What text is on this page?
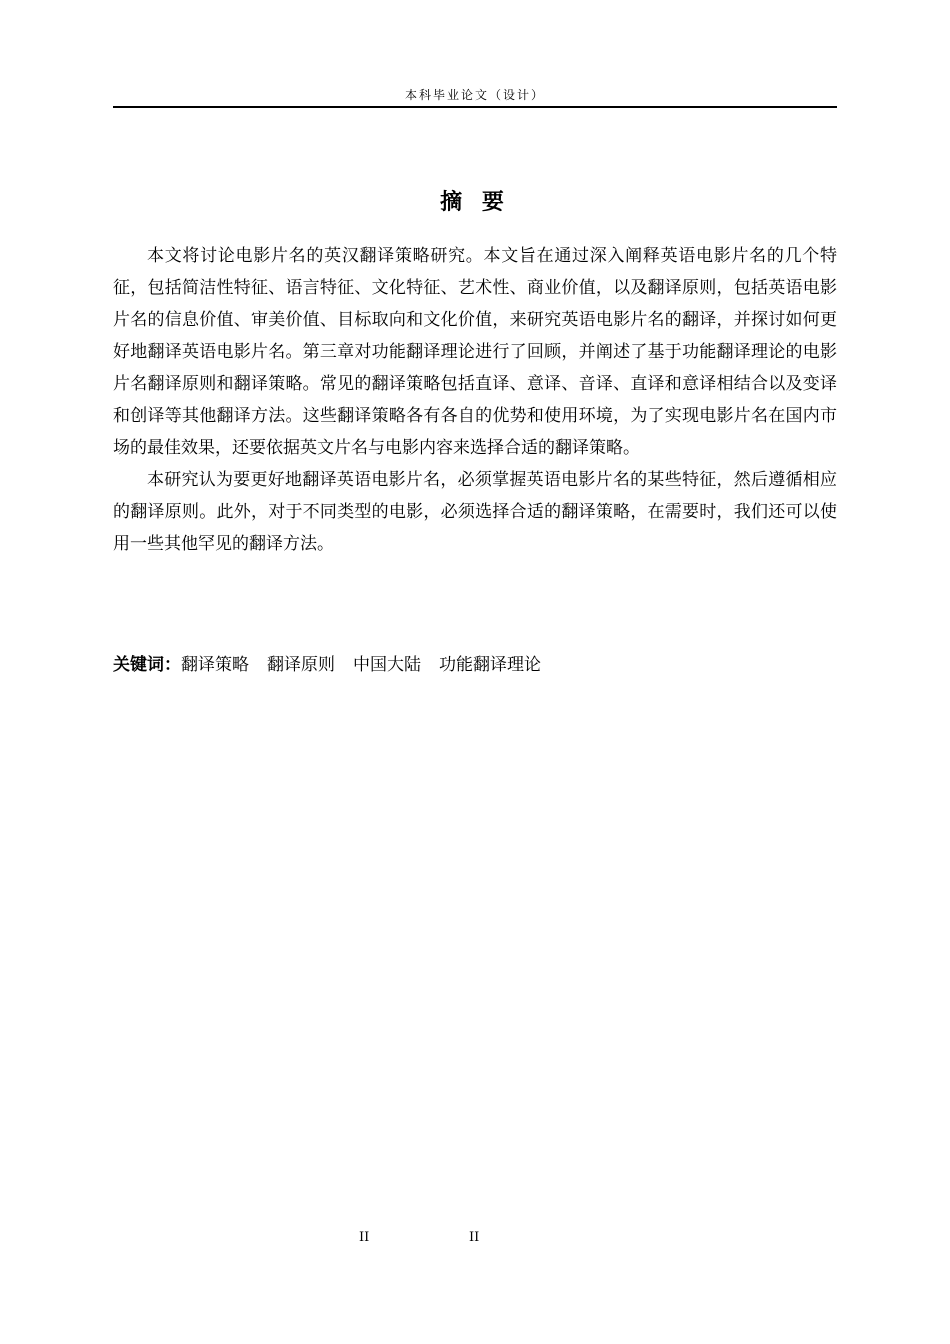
本科毕业论文（设计）
摘 要

本文将讨论电影片名的英汉翻译策略研究。本文旨在通过深入阐释英语电影片名的几个特征，包括简洁性特征、语言特征、文化特征、艺术性、商业价值，以及翻译原则，包括英语电影片名的信息价值、审美价值、目标取向和文化价值，来研究英语电影片名的翻译，并探讨如何更好地翻译英语电影片名。第三章对功能翻译理论进行了回顾，并阐述了基于功能翻译理论的电影片名翻译原则和翻译策略。常见的翻译策略包括直译、意译、音译、直译和意译相结合以及变译和创译等其他翻译方法。这些翻译策略各有各自的优势和使用环境，为了实现电影片名在国内市场的最佳效果，还要依据英文片名与电影内容来选择合适的翻译策略。

本研究认为要更好地翻译英语电影片名，必须掌握英语电影片名的某些特征，然后遵循相应的翻译原则。此外，对于不同类型的电影，必须选择合适的翻译策略，在需要时，我们还可以使用一些其他罕见的翻译方法。

关键词：翻译策略 翻译原则 中国大陆 功能翻译理论
II	II
